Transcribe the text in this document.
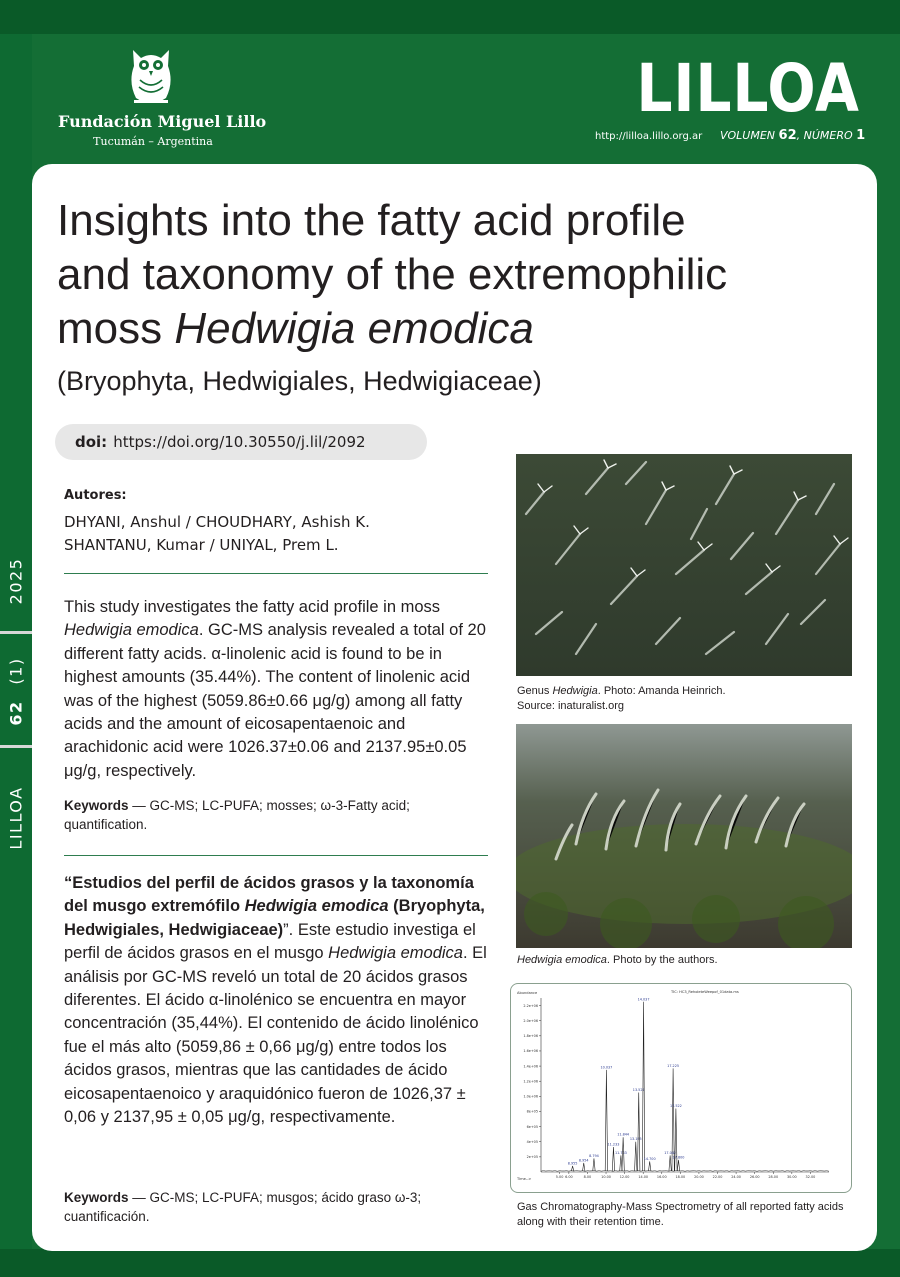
Fundación Miguel Lillo
Tucumán – Argentina
LILLOA
http://lilloa.lillo.org.ar VOLUMEN 62, NÚMERO 1
2025
(1)
62
LILLOA
Insights into the fatty acid profile
and taxonomy of the extremophilic
moss Hedwigia emodica
(Bryophyta, Hedwigiales, Hedwigiaceae)
doi: https://doi.org/10.30550/j.lil/2092
Autores:
DHYANI, Anshul / CHOUDHARY, Ashish K.
SHANTANU, Kumar / UNIYAL, Prem L.
This study investigates the fatty acid profile in moss Hedwigia emodica. GC-MS analysis revealed a total of 20 different fatty acids. α-linolenic acid is found to be in highest amounts (35.44%). The content of linolenic acid was of the highest (5059.86±0.66 μg/g) among all fatty acids and the amount of eicosapentaenoic and arachidonic acid were 1026.37±0.06 and 2137.95±0.05 μg/g, respectively.
Keywords — GC-MS; LC-PUFA; mosses; ω-3-Fatty acid; quantification.
“Estudios del perfil de ácidos grasos y la taxonomía del musgo extremófilo Hedwigia emodica (Bryophyta, Hedwigiales, Hedwigiaceae)”. Este estudio investiga el perfil de ácidos grasos en el musgo Hedwigia emodica. El análisis por GC-MS reveló un total de 20 ácidos grasos diferentes. El ácido α-linolénico se encuentra en mayor concentración (35,44%). El contenido de ácido linolénico fue el más alto (5059,86 ± 0,66 μg/g) entre todos los ácidos grasos, mientras que las cantidades de ácido eicosapentaenoico y araquidónico fueron de 1026,37 ± 0,06 y 2137,95 ± 0,05 μg/g, respectivamente.
Keywords — GC-MS; LC-PUFA; musgos; ácido graso ω-3; cuantificación.
Genus Hedwigia. Photo: Amanda Heinrich.
Source: inaturalist.org
Hedwigia emodica. Photo by the authors.
TIC: HC3_ReholeteWeepof_01data.ms
Abundance
Time-->
2.2e+06
2.0e+06
1.8e+06
1.6e+06
1.4e+06
1.2e+06
1.0e+06
8e+05
6e+05
4e+05
2e+05
5.00 6.00	8.00	10.00	12.00	14.00	16.00	18.00	20.00	22.00	24.00	26.00	28.00	30.00	32.00
8.955
8.954
8.794
10.037
11.233
11.733
11.844
13.195
13.521
14.037
14.700
17.225
17.042
17.522
17.800
Gas Chromatography-Mass Spectrometry of all reported fatty acids along with their retention time.
